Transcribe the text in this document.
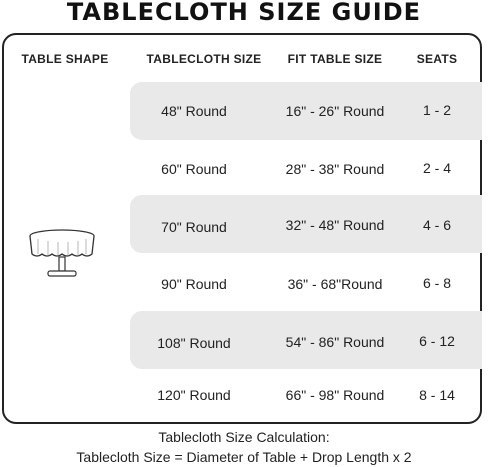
TABLECLOTH SIZE GUIDE
TABLE SHAPE	TABLECLOTH SIZE	FIT TABLE SIZE	SEATS
48" Round	16" - 26" Round	1 - 2
60" Round	28" - 38" Round	2 - 4
70" Round	32" - 48" Round	4 - 6
90" Round	36" - 68"Round	6 - 8
108" Round	54" - 86" Round	6 - 12
120" Round	66" - 98" Round	8 - 14
Tablecloth Size Calculation:
Tablecloth Size = Diameter of Table + Drop Length x 2
